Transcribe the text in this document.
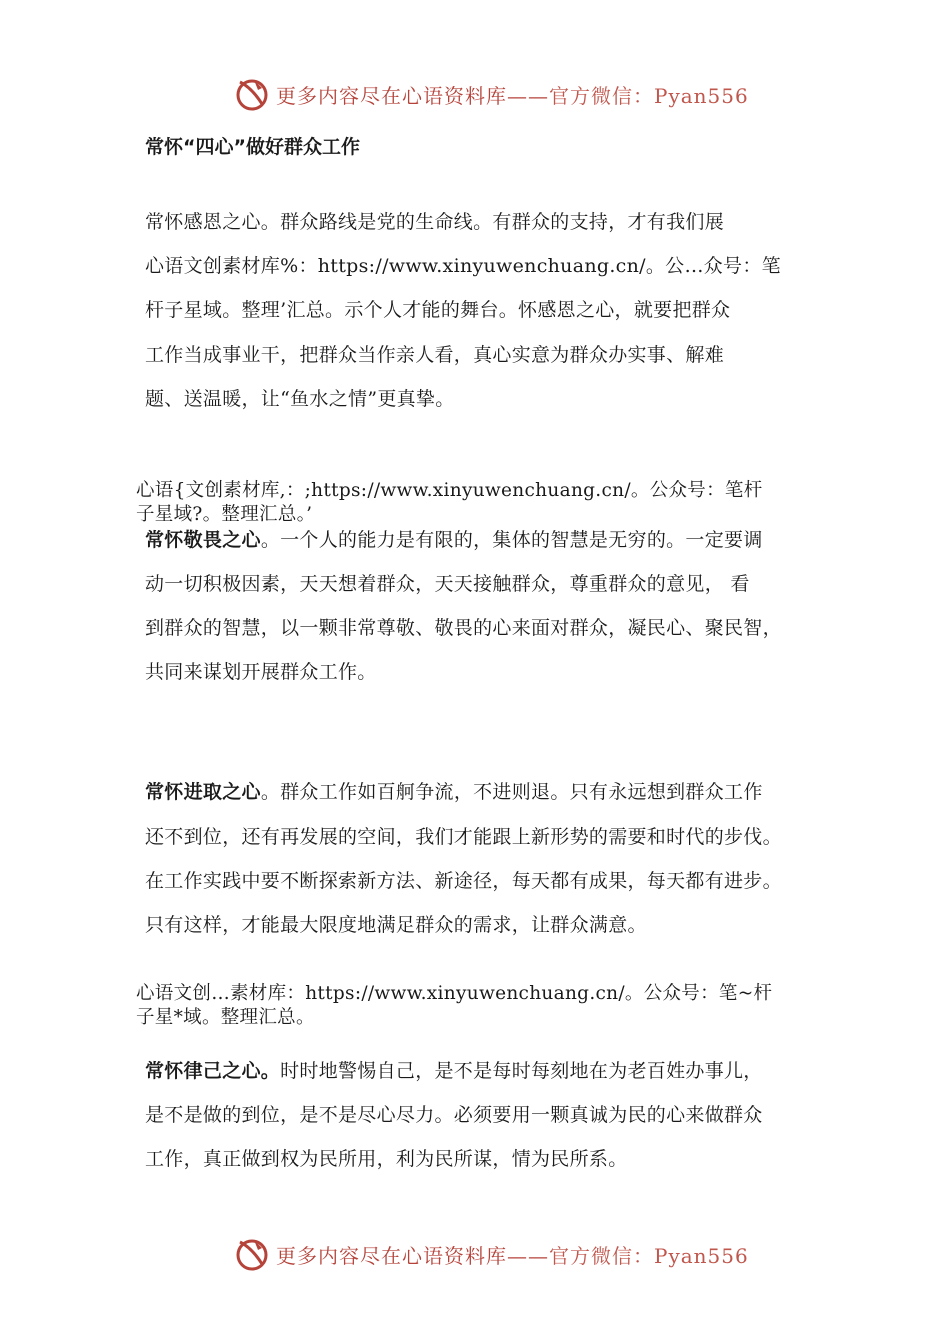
更多内容尽在心语资料库——官方微信：Pyan556
常怀“四心”做好群众工作
常怀感恩之心。群众路线是党的生命线。有群众的支持，才有我们展
心语文创素材库%：https://www.xinyuwenchuang.cn/。公…众号：笔
杆子星域。整理’汇总。示个人才能的舞台。怀感恩之心，就要把群众
工作当成事业干，把群众当作亲人看，真心实意为群众办实事、解难
题、送温暖，让“鱼水之情”更真挚。
心语{文创素材库,：;https://www.xinyuwenchuang.cn/。公众号：笔杆
子星域?。整理汇总。’
常怀敬畏之心。一个人的能力是有限的，集体的智慧是无穷的。一定要调
动一切积极因素，天天想着群众，天天接触群众，尊重群众的意见， 看
到群众的智慧，以一颗非常尊敬、敬畏的心来面对群众，凝民心、聚民智，
共同来谋划开展群众工作。
常怀进取之心。群众工作如百舸争流，不进则退。只有永远想到群众工作
还不到位，还有再发展的空间，我们才能跟上新形势的需要和时代的步伐。
在工作实践中要不断探索新方法、新途径，每天都有成果，每天都有进步。
只有这样，才能最大限度地满足群众的需求，让群众满意。
心语文创…素材库：https://www.xinyuwenchuang.cn/。公众号：笔~杆
子星*域。整理汇总。
常怀律己之心。时时地警惕自己，是不是每时每刻地在为老百姓办事儿，
是不是做的到位，是不是尽心尽力。必须要用一颗真诚为民的心来做群众
工作，真正做到权为民所用，利为民所谋，情为民所系。
更多内容尽在心语资料库——官方微信：Pyan556
